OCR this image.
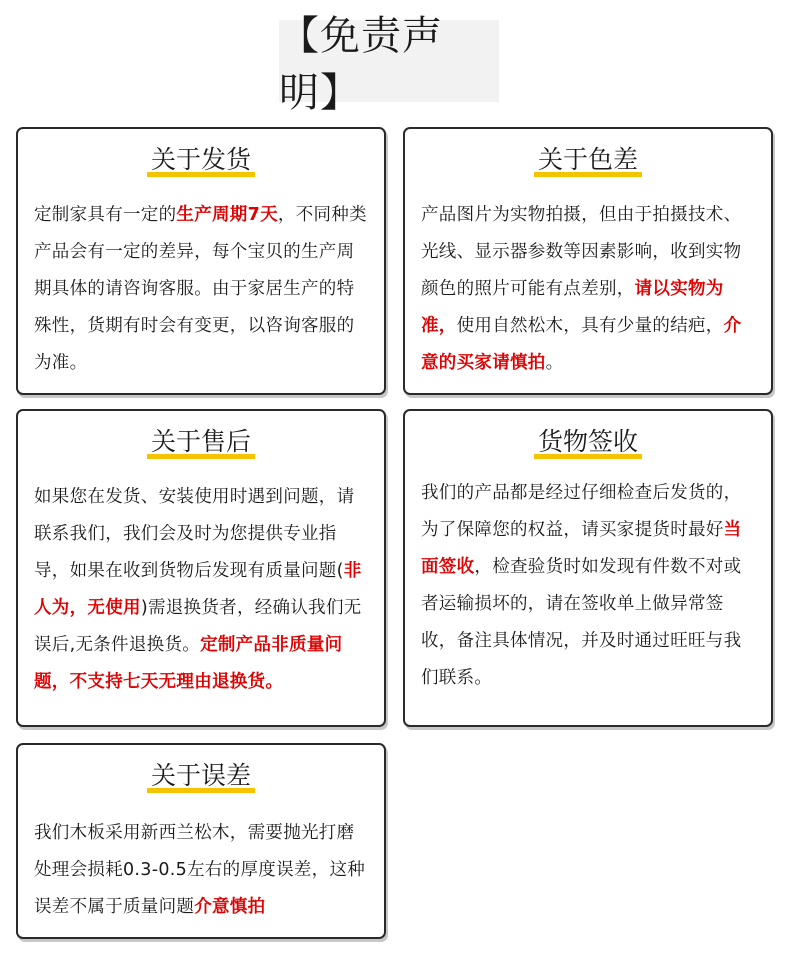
【免责声明】
关于发货
定制家具有一定的生产周期7天，不同种类产品会有一定的差异，每个宝贝的生产周期具体的请咨询客服。由于家居生产的特殊性，货期有时会有变更，以咨询客服的为准。
关于色差
产品图片为实物拍摄，但由于拍摄技术、光线、显示器参数等因素影响，收到实物颜色的照片可能有点差别，请以实物为准，使用自然松木，具有少量的结疤，介意的买家请慎拍。
关于售后
如果您在发货、安装使用时遇到问题，请联系我们，我们会及时为您提供专业指导，如果在收到货物后发现有质量问题(非人为，无使用)需退换货者，经确认我们无误后,无条件退换货。定制产品非质量问题，不支持七天无理由退换货。
货物签收
我们的产品都是经过仔细检查后发货的，为了保障您的权益，请买家提货时最好当面签收，检查验货时如发现有件数不对或者运输损坏的，请在签收单上做异常签收，备注具体情况，并及时通过旺旺与我们联系。
关于误差
我们木板采用新西兰松木，需要抛光打磨处理会损耗0.3-0.5左右的厚度误差，这种误差不属于质量问题介意慎拍
